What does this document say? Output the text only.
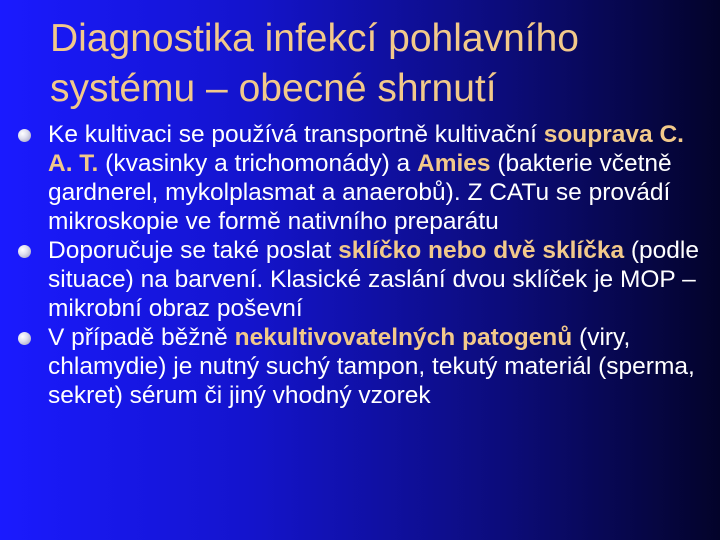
Diagnostika infekcí pohlavního
systému – obecné shrnutí
Ke kultivaci se používá transportně kultivační souprava C. A. T. (kvasinky a trichomonády) a Amies (bakterie včetně gardnerel, mykolplasmat a anaerobů). Z CATu se provádí mikroskopie ve formě nativního preparátu
Doporučuje se také poslat sklíčko nebo dvě sklíčka (podle situace) na barvení. Klasické zaslání dvou sklíček je MOP – mikrobní obraz poševní
V případě běžně nekultivovatelných patogenů (viry, chlamydie) je nutný suchý tampon, tekutý materiál (sperma, sekret) sérum či jiný vhodný vzorek
